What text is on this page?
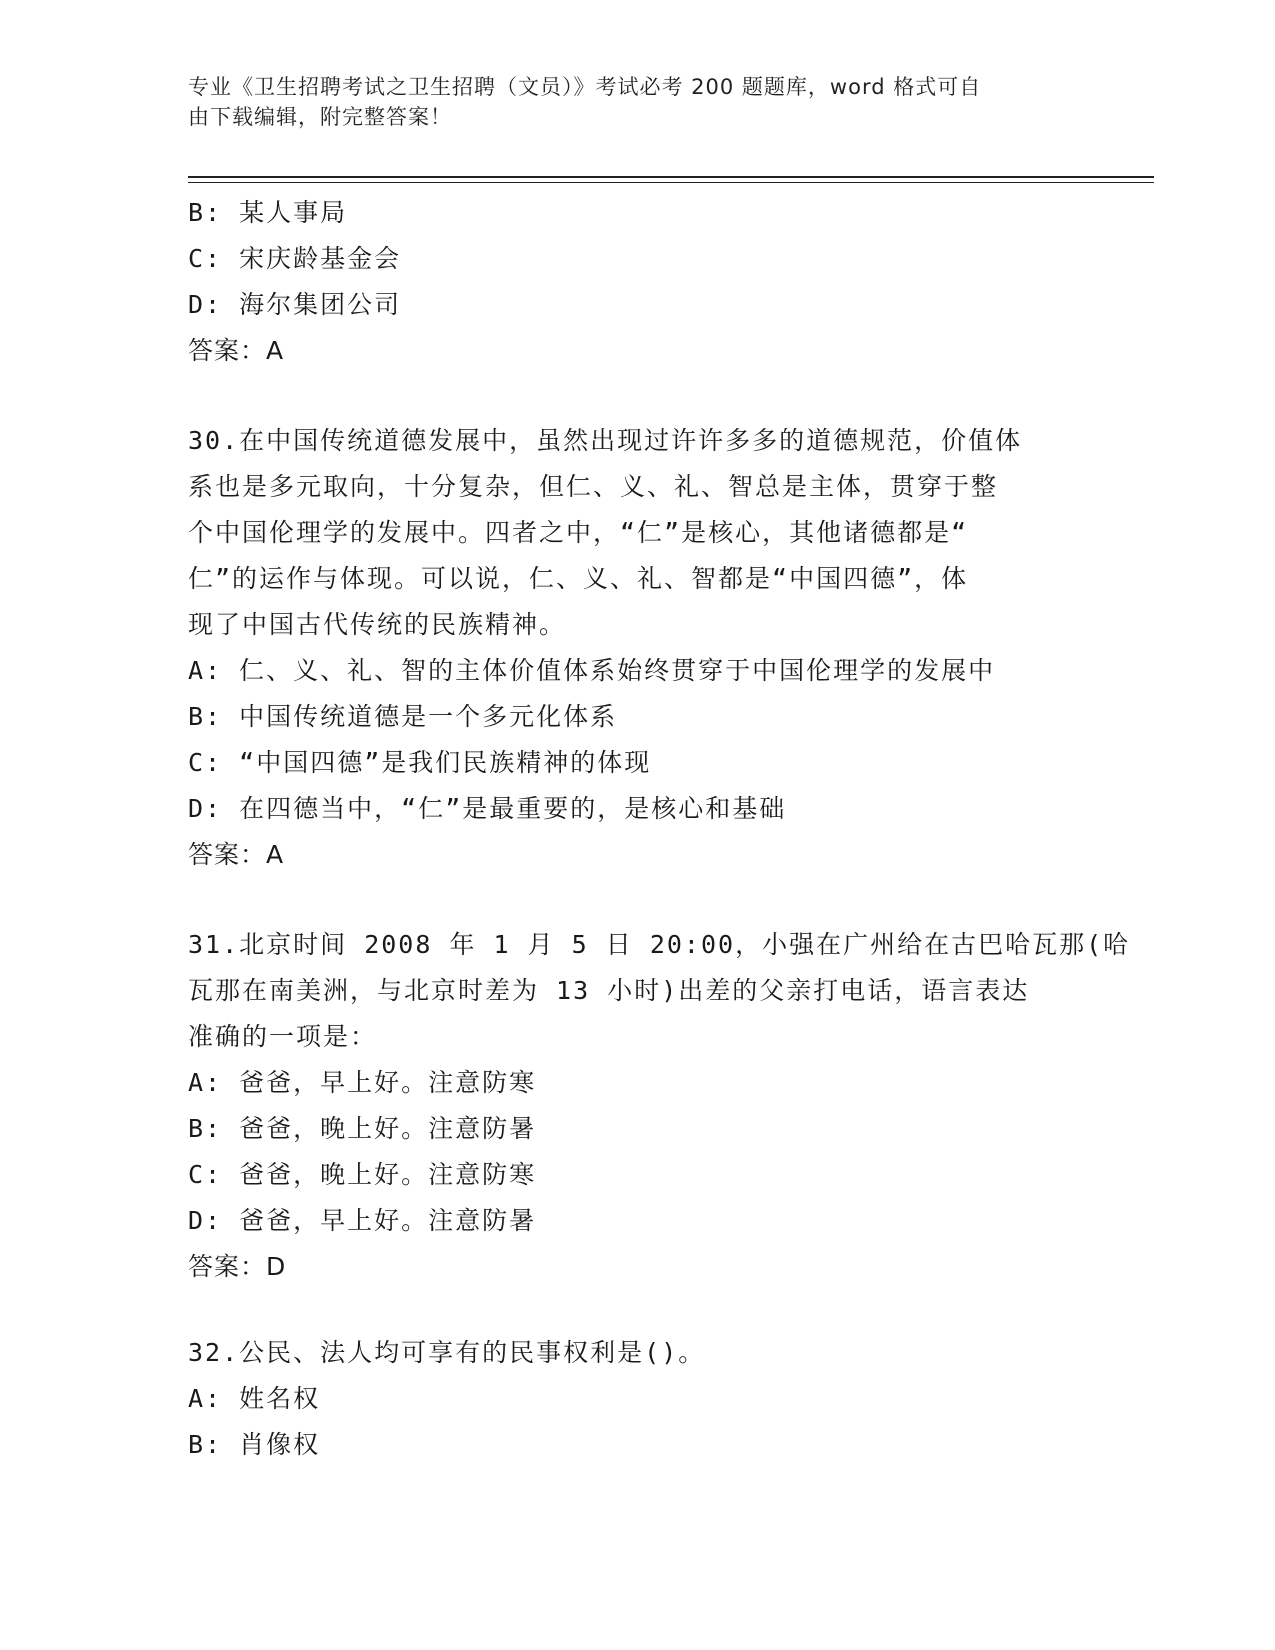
专业《卫生招聘考试之卫生招聘（文员）》考试必考 200 题题库，word 格式可自
由下载编辑，附完整答案！
B: 某人事局
C: 宋庆龄基金会
D: 海尔集团公司
答案：A
30.在中国传统道德发展中，虽然出现过许许多多的道德规范，价值体
系也是多元取向，十分复杂，但仁、义、礼、智总是主体，贯穿于整
个中国伦理学的发展中。四者之中，“仁”是核心，其他诸德都是“
仁”的运作与体现。可以说，仁、义、礼、智都是“中国四德”，体
现了中国古代传统的民族精神。
A: 仁、义、礼、智的主体价值体系始终贯穿于中国伦理学的发展中
B: 中国传统道德是一个多元化体系
C: “中国四德”是我们民族精神的体现
D: 在四德当中，“仁”是最重要的，是核心和基础
答案：A
31.北京时间 2008 年 1 月 5 日 20:00，小强在广州给在古巴哈瓦那(哈
瓦那在南美洲，与北京时差为 13 小时)出差的父亲打电话，语言表达
准确的一项是：
A: 爸爸，早上好。注意防寒
B: 爸爸，晚上好。注意防暑
C: 爸爸，晚上好。注意防寒
D: 爸爸，早上好。注意防暑
答案：D
32.公民、法人均可享有的民事权利是()。
A: 姓名权
B: 肖像权
